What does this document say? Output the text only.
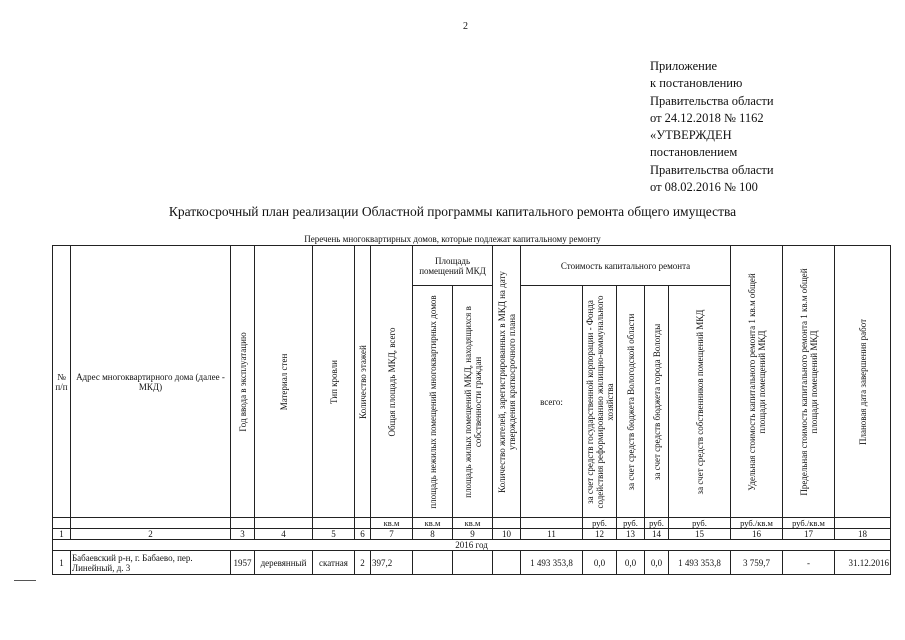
2
Приложение
к постановлению
Правительства области
от 24.12.2018 № 1162
«УТВЕРЖДЕН
постановлением
Правительства области
от 08.02.2016 № 100
Краткосрочный план реализации Областной программы капитального ремонта общего имущества
Перечень многоквартирных домов, которые подлежат капитальному ремонту
№ п/п	Адрес многоквартирного дома (далее - МКД)	Год ввода в эксплуатацию	Материал стен	Тип кровли	Количество этажей	Общая площадь МКД, всего	Площадь помещений МКД		Количество жителей, зарегистрированных в МКД на дату утверждения краткосрочного плана	Стоимость капитального ремонта					Удельная стоимость капитального ремонта 1 кв.м общей площади помещений МКД	Предельная стоимость капитального ремонта 1 кв.м общей площади помещений МКД	Плановая дата завершения работ

							площадь нежилых помещений многоквартирных домов	площадь жилых помещений МКД, находящихся в собственности граждан		всего:	за счет средств государственной корпорации - Фонда содействия реформированию жилищно-коммунального хозяйства	за счет средств бюджета Вологодской области	за счет средств бюджета города Вологды	за счет средств собственников помещений МКД			

						кв.м	кв.м	кв.м			руб.	руб.	руб.	руб.	руб./кв.м	руб./кв.м	
1	2	3	4	5	6	7	8	9	10	11	12	13	14	15	16	17	18
2016 год																	
1	Бабаевский р-н, г. Бабаево, пер. Линейный, д. 3	1957	деревянный	скатная	2	397,2				1 493 353,8	0,0	0,0	0,0	1 493 353,8	3 759,7	-	31.12.2016
